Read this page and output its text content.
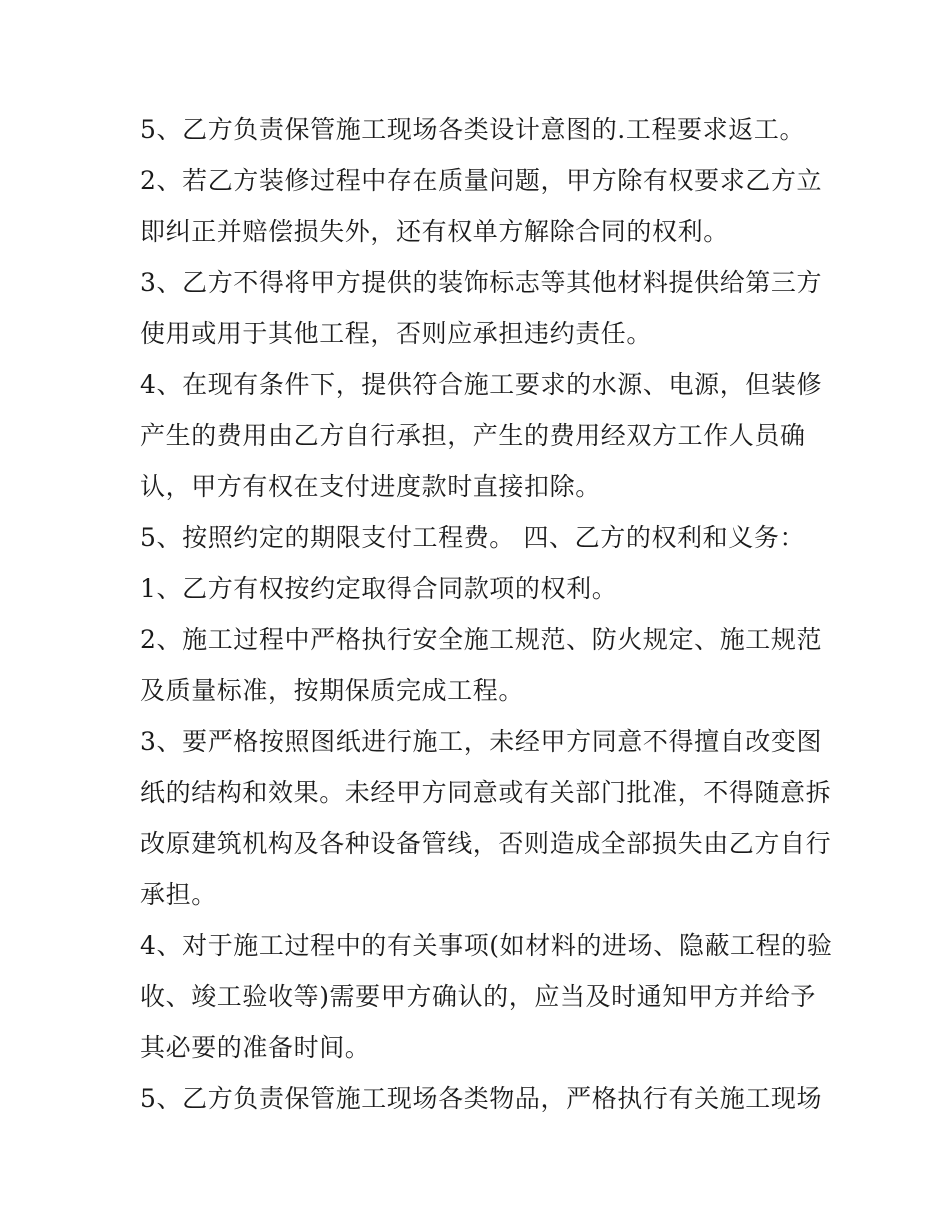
5、乙方负责保管施工现场各类设计意图的.工程要求返工。
2、若乙方装修过程中存在质量问题，甲方除有权要求乙方立
即纠正并赔偿损失外，还有权单方解除合同的权利。
3、乙方不得将甲方提供的装饰标志等其他材料提供给第三方
使用或用于其他工程，否则应承担违约责任。
4、在现有条件下，提供符合施工要求的水源、电源，但装修
产生的费用由乙方自行承担，产生的费用经双方工作人员确
认，甲方有权在支付进度款时直接扣除。
5、按照约定的期限支付工程费。 四、乙方的权利和义务：
1、乙方有权按约定取得合同款项的权利。
2、施工过程中严格执行安全施工规范、防火规定、施工规范
及质量标准，按期保质完成工程。
3、要严格按照图纸进行施工，未经甲方同意不得擅自改变图
纸的结构和效果。未经甲方同意或有关部门批准，不得随意拆
改原建筑机构及各种设备管线，否则造成全部损失由乙方自行
承担。
4、对于施工过程中的有关事项(如材料的进场、隐蔽工程的验
收、竣工验收等)需要甲方确认的，应当及时通知甲方并给予
其必要的准备时间。
5、乙方负责保管施工现场各类物品，严格执行有关施工现场
